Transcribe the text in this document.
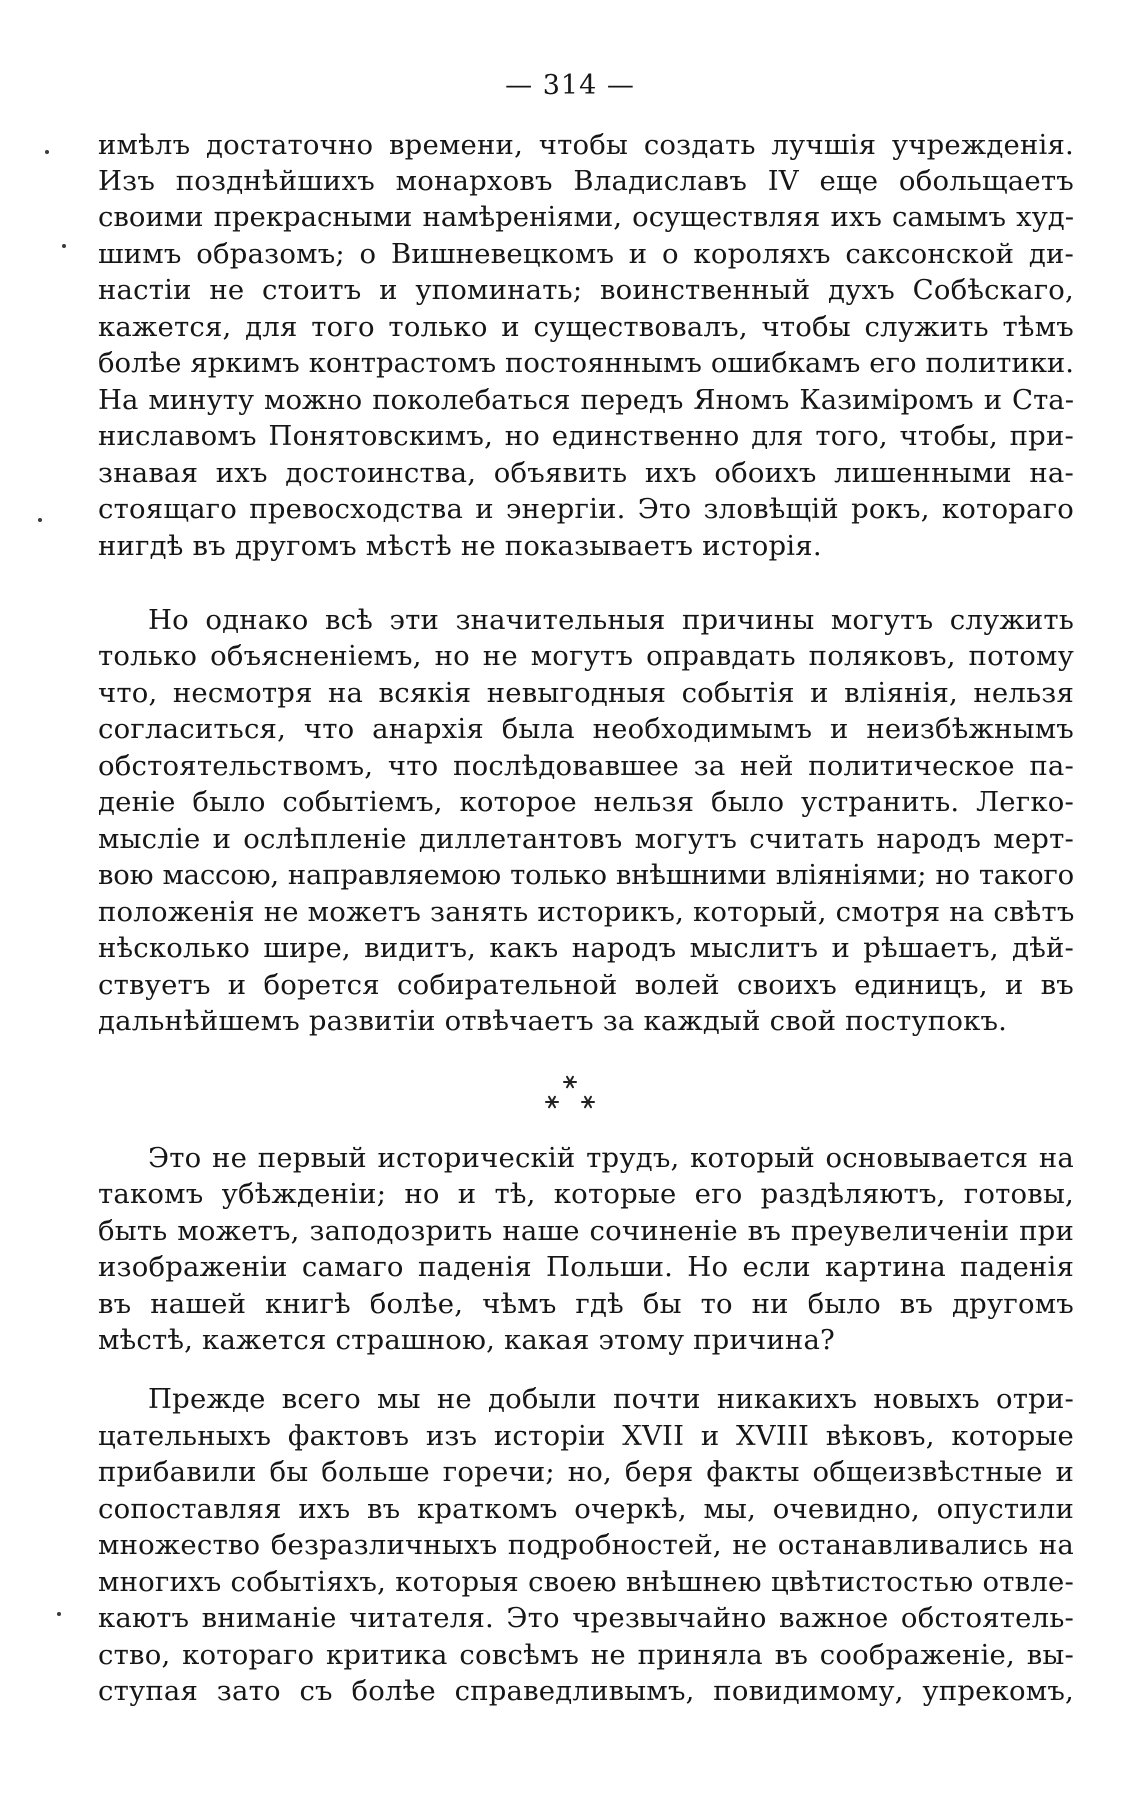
— 314 —
имѣлъ достаточно времени, чтобы создать лучшія учрежденія.
Изъ позднѣйшихъ монарховъ Владиславъ IV еще обольщаетъ
своими прекрасными намѣреніями, осуществляя ихъ самымъ худ-
шимъ образомъ; о Вишневецкомъ и о короляхъ саксонской ди-
настіи не стоитъ и упоминать; воинственный духъ Собѣскаго,
кажется, для того только и существовалъ, чтобы служить тѣмъ
болѣе яркимъ контрастомъ постояннымъ ошибкамъ его политики.
На минуту можно поколебаться передъ Яномъ Казиміромъ и Ста-
ниславомъ Понятовскимъ, но единственно для того, чтобы, при-
знавая ихъ достоинства, объявить ихъ обоихъ лишенными на-
стоящаго превосходства и энергіи. Это зловѣщій рокъ, котораго
нигдѣ въ другомъ мѣстѣ не показываетъ исторія.
Но однако всѣ эти значительныя причины могутъ служить
только объясненіемъ, но не могутъ оправдать поляковъ, потому
что, несмотря на всякія невыгодныя событія и вліянія, нельзя
согласиться, что анархія была необходимымъ и неизбѣжнымъ
обстоятельствомъ, что послѣдовавшее за ней политическое па-
деніе было событіемъ, которое нельзя было устранить. Легко-
мысліе и ослѣпленіе диллетантовъ могутъ считать народъ мерт-
вою массою, направляемою только внѣшними вліяніями; но такого
положенія не можетъ занять историкъ, который, смотря на свѣтъ
нѣсколько шире, видитъ, какъ народъ мыслитъ и рѣшаетъ, дѣй-
ствуетъ и борется собирательной волей своихъ единицъ, и въ
дальнѣйшемъ развитіи отвѣчаетъ за каждый свой поступокъ.
Это не первый историческій трудъ, который основывается на
такомъ убѣжденіи; но и тѣ, которые его раздѣляютъ, готовы,
быть можетъ, заподозрить наше сочиненіе въ преувеличеніи при
изображеніи самаго паденія Польши. Но если картина паденія
въ нашей книгѣ болѣе, чѣмъ гдѣ бы то ни было въ другомъ
мѣстѣ, кажется страшною, какая этому причина?
Прежде всего мы не добыли почти никакихъ новыхъ отри-
цательныхъ фактовъ изъ исторіи XVII и XVIII вѣковъ, которые
прибавили бы больше горечи; но, беря факты общеизвѣстные и
сопоставляя ихъ въ краткомъ очеркѣ, мы, очевидно, опустили
множество безразличныхъ подробностей, не останавливались на
многихъ событіяхъ, которыя своею внѣшнею цвѣтистостью отвле-
каютъ вниманіе читателя. Это чрезвычайно важное обстоятель-
ство, котораго критика совсѣмъ не приняла въ соображеніе, вы-
ступая зато съ болѣе справедливымъ, повидимому, упрекомъ,
